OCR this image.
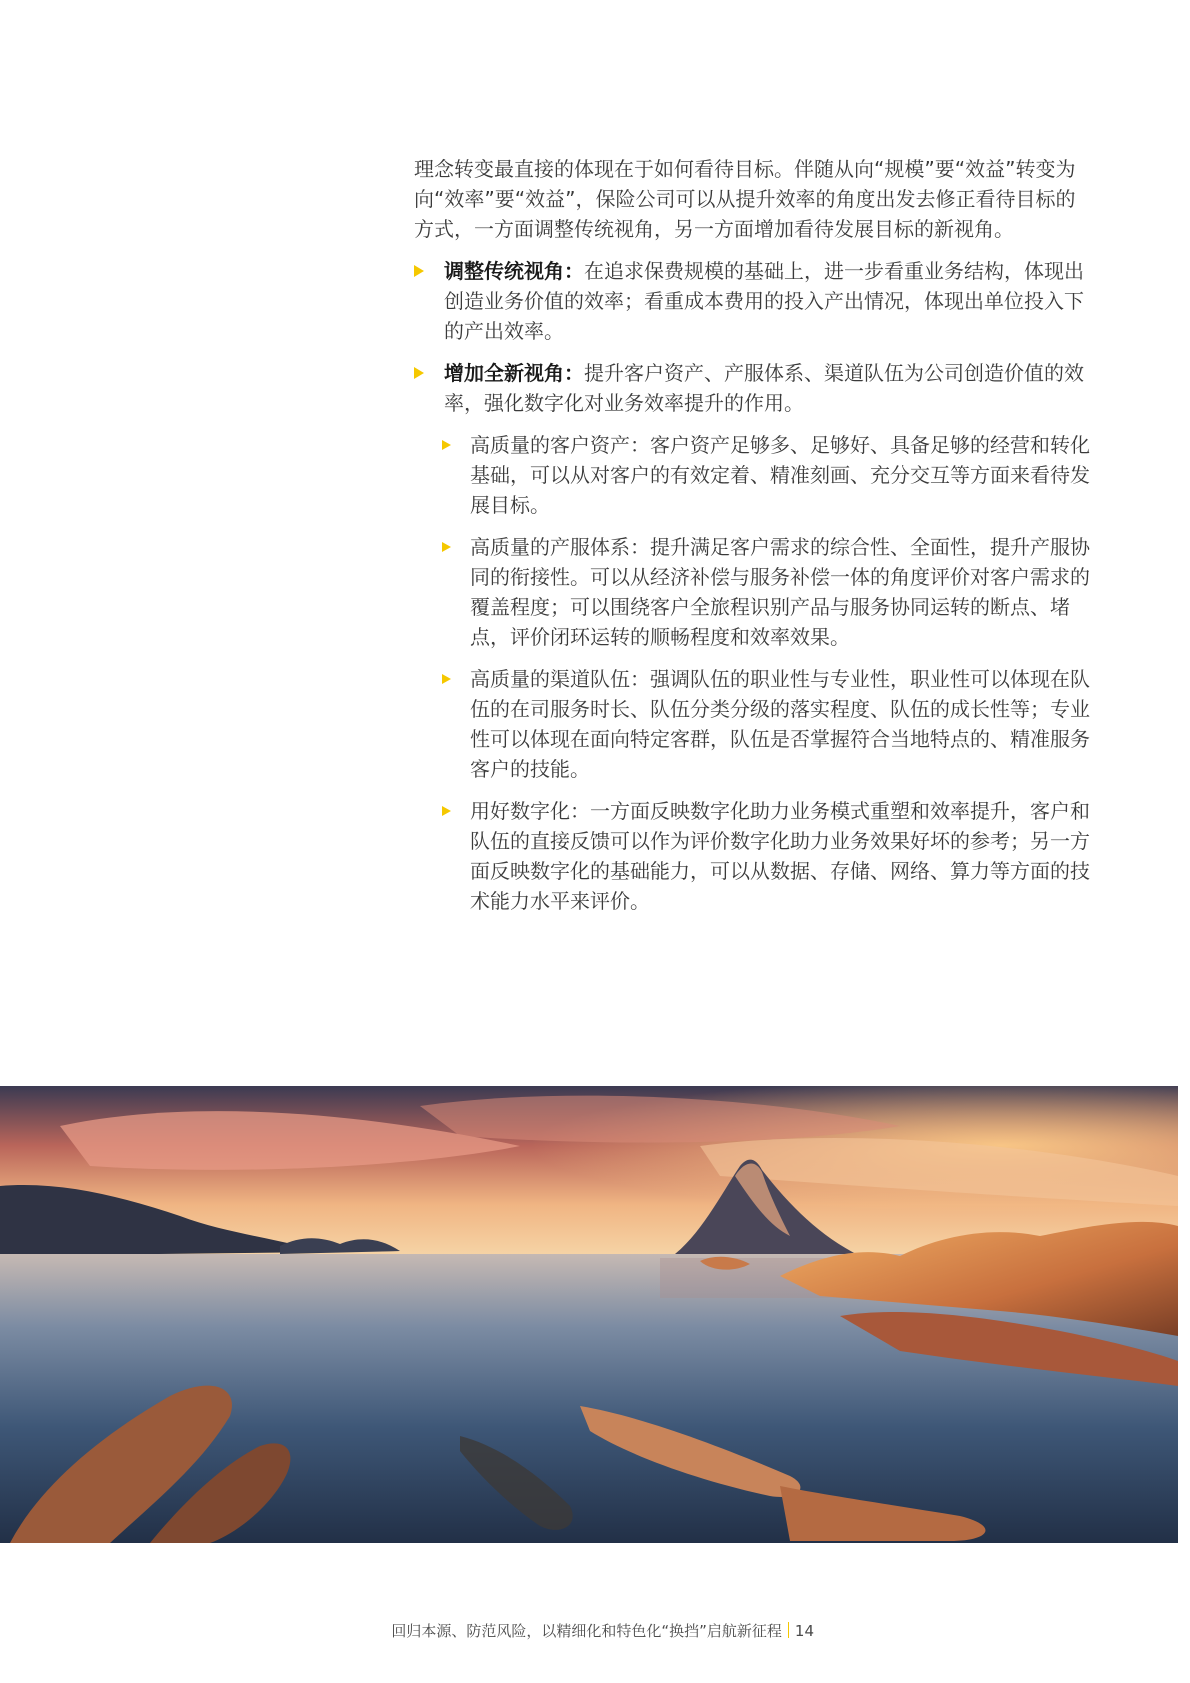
理念转变最直接的体现在于如何看待目标。伴随从向“规模”要“效益”转变为向“效率”要“效益”，保险公司可以从提升效率的角度出发去修正看待目标的方式，一方面调整传统视角，另一方面增加看待发展目标的新视角。

调整传统视角：在追求保费规模的基础上，进一步看重业务结构，体现出创造业务价值的效率；看重成本费用的投入产出情况，体现出单位投入下的产出效率。
增加全新视角：提升客户资产、产服体系、渠道队伍为公司创造价值的效率，强化数字化对业务效率提升的作用。
高质量的客户资产：客户资产足够多、足够好、具备足够的经营和转化基础，可以从对客户的有效定着、精准刻画、充分交互等方面来看待发展目标。
高质量的产服体系：提升满足客户需求的综合性、全面性，提升产服协同的衔接性。可以从经济补偿与服务补偿一体的角度评价对客户需求的覆盖程度；可以围绕客户全旅程识别产品与服务协同运转的断点、堵点，评价闭环运转的顺畅程度和效率效果。
高质量的渠道队伍：强调队伍的职业性与专业性，职业性可以体现在队伍的在司服务时长、队伍分类分级的落实程度、队伍的成长性等；专业性可以体现在面向特定客群，队伍是否掌握符合当地特点的、精准服务客户的技能。
用好数字化：一方面反映数字化助力业务模式重塑和效率提升，客户和队伍的直接反馈可以作为评价数字化助力业务效果好坏的参考；另一方面反映数字化的基础能力，可以从数据、存储、网络、算力等方面的技术能力水平来评价。
回归本源、防范风险，以精细化和特色化“换挡”启航新征程 14
